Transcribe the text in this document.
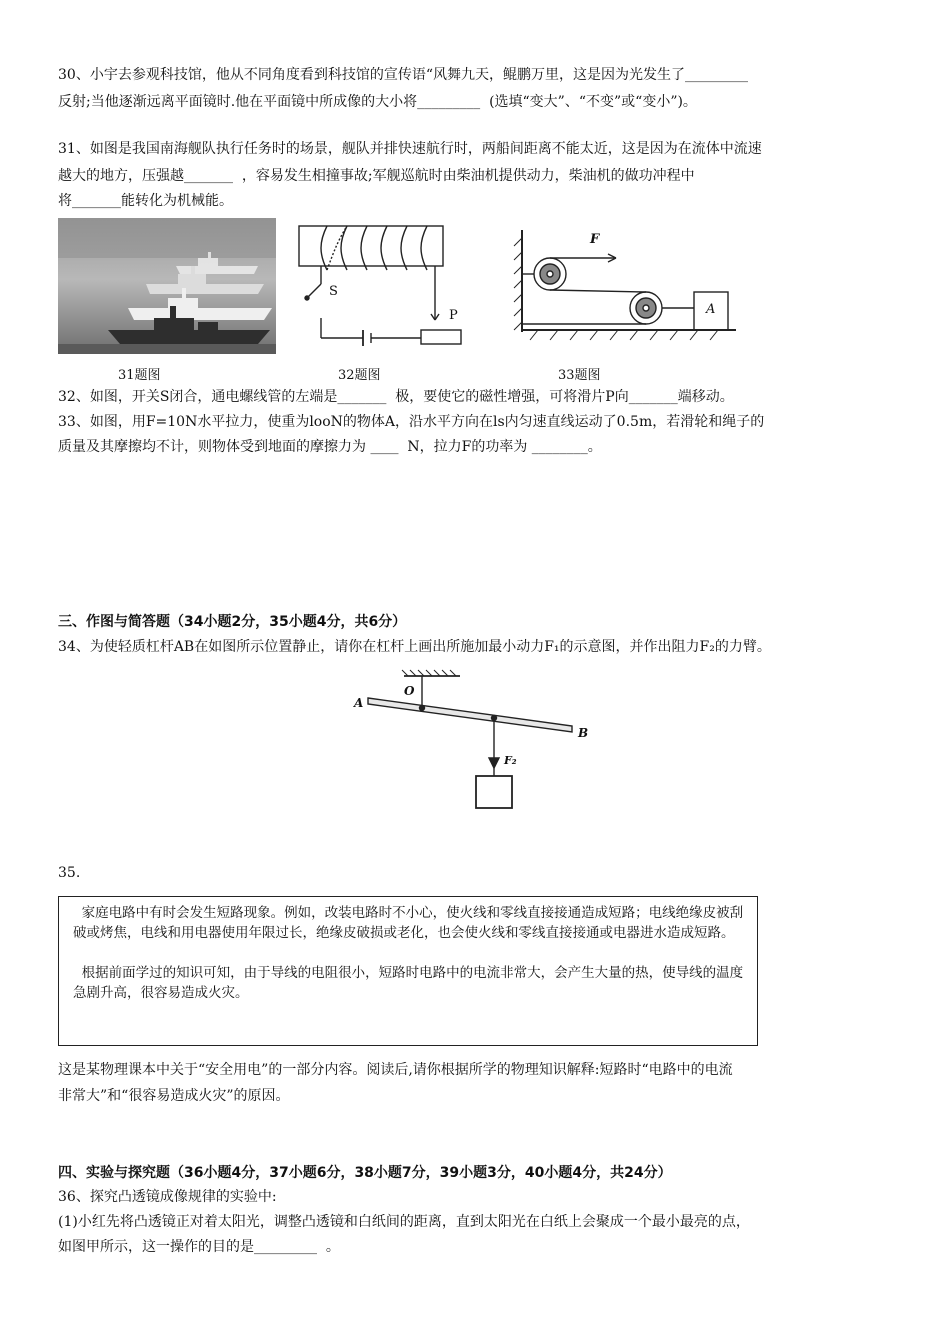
30、小宇去参观科技馆，他从不同角度看到科技馆的宣传语“风舞九天，鲲鹏万里，这是因为光发生了_________
反射;当他逐渐远离平面镜时.他在平面镜中所成像的大小将_________  (选填“变大”、“不变”或“变小”)。
31、如图是我国南海舰队执行任务时的场景，舰队并排快速航行时，两船间距离不能太近，这是因为在流体中流速
越大的地方，压强越_______  ，容易发生相撞事故;军舰巡航时由柴油机提供动力，柴油机的做功冲程中
将_______能转化为机械能。
S
P
F
A
31题图	32题图	33题图
32、如图，开关S闭合，通电螺线管的左端是_______  极，要使它的磁性增强，可将滑片P向_______端移动。
33、如图，用F=10N水平拉力，使重为looN的物体A，沿水平方向在ls内匀速直线运动了0.5m，若滑轮和绳子的
质量及其摩擦均不计，则物体受到地面的摩擦力为 ____  N，拉力F的功率为 ________。
三、作图与简答题（34小题2分，35小题4分，共6分）
34、为使轻质杠杆AB在如图所示位置静止，请你在杠杆上画出所施加最小动力F₁的示意图，并作出阻力F₂的力臂。
O
A
B
F₂
35.

家庭电路中有时会发生短路现象。例如，改装电路时不小心，使火线和零线直接接通造成短路；电线绝缘皮被刮破或烤焦，电线和用电器使用年限过长，绝缘皮破损或老化，也会使火线和零线直接接通或电器进水造成短路。

根据前面学过的知识可知，由于导线的电阻很小，短路时电路中的电流非常大，会产生大量的热，使导线的温度急剧升高，很容易造成火灾。

这是某物理课本中关于“安全用电”的一部分内容。阅读后,请你根据所学的物理知识解释:短路时“电路中的电流
非常大”和“很容易造成火灾”的原因。
四、实验与探究题（36小题4分，37小题6分，38小题7分，39小题3分，40小题4分，共24分）
36、探究凸透镜成像规律的实验中:
(1)小红先将凸透镜正对着太阳光，调整凸透镜和白纸间的距离，直到太阳光在白纸上会聚成一个最小最亮的点，
如图甲所示，这一操作的目的是_________  。
